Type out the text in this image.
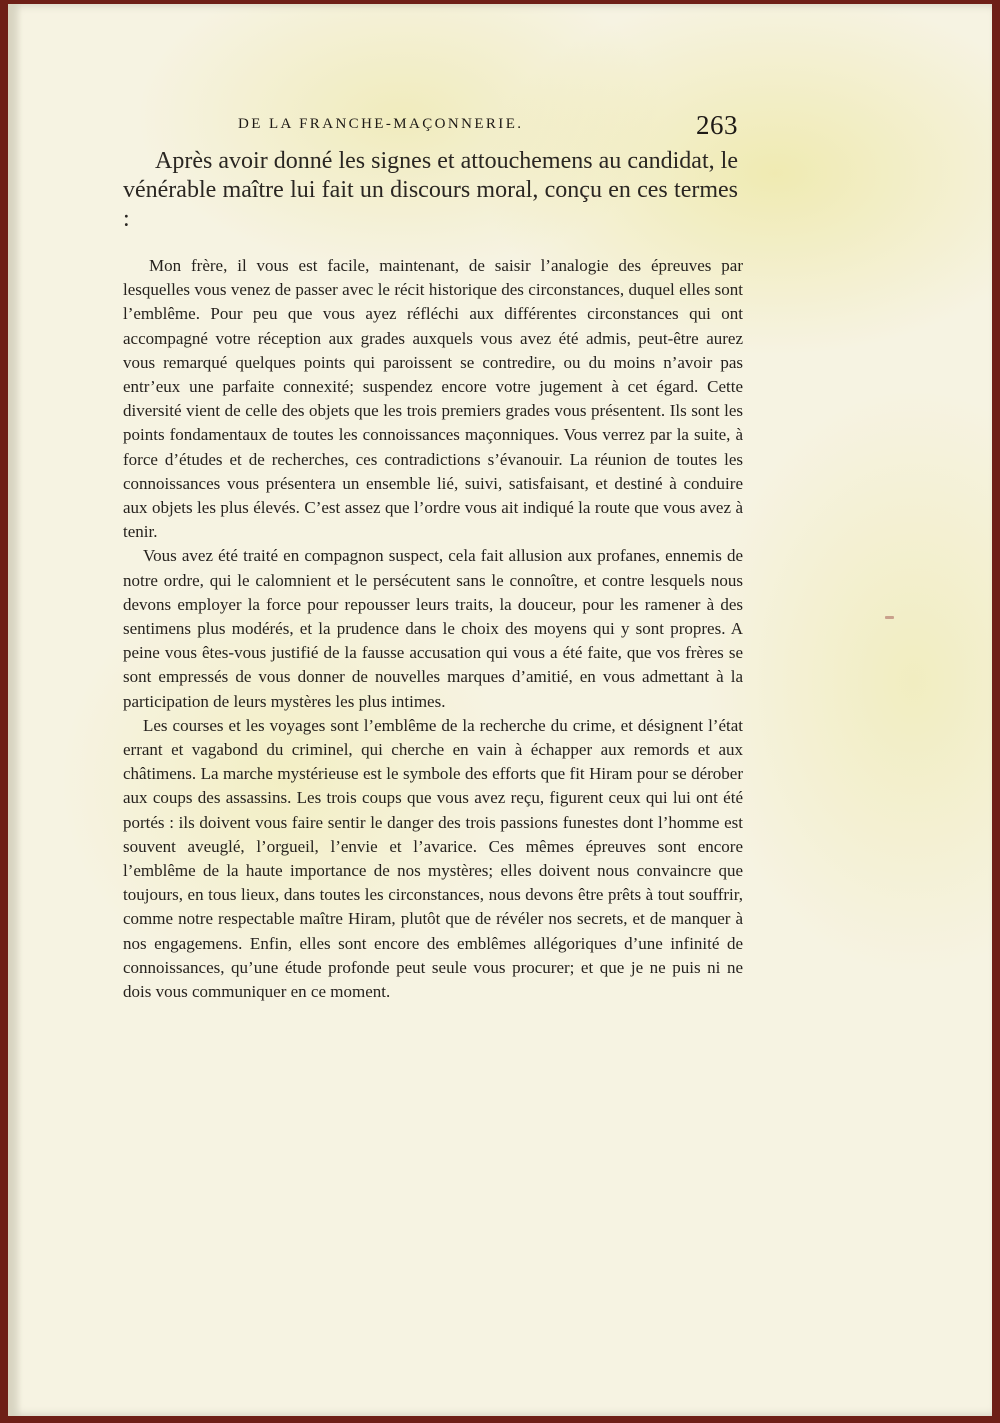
DE LA FRANCHE-MAÇONNERIE.	263

Après avoir donné les signes et attouchemens au candidat, le vénérable maître lui fait un discours moral, conçu en ces termes :

Mon frère, il vous est facile, maintenant, de saisir l’analogie des épreuves par lesquelles vous venez de passer avec le récit historique des circonstances, duquel elles sont l’emblême. Pour peu que vous ayez réfléchi aux différentes circonstances qui ont accompagné votre réception aux grades auxquels vous avez été admis, peut-être aurez vous remarqué quelques points qui paroissent se contredire, ou du moins n’avoir pas entr’eux une parfaite connexité; suspendez encore votre jugement à cet égard. Cette diversité vient de celle des objets que les trois premiers grades vous présentent. Ils sont les points fondamentaux de toutes les connoissances maçonniques. Vous verrez par la suite, à force d’études et de recherches, ces contradictions s’évanouir. La réunion de toutes les connoissances vous présentera un ensemble lié, suivi, satisfaisant, et destiné à conduire aux objets les plus élevés. C’est assez que l’ordre vous ait indiqué la route que vous avez à tenir.

Vous avez été traité en compagnon suspect, cela fait allusion aux profanes, ennemis de notre ordre, qui le calomnient et le persécutent sans le connoître, et contre lesquels nous devons employer la force pour repousser leurs traits, la douceur, pour les ramener à des sentimens plus modérés, et la prudence dans le choix des moyens qui y sont propres. A peine vous êtes-vous justifié de la fausse accusation qui vous a été faite, que vos frères se sont empressés de vous donner de nouvelles marques d’amitié, en vous admettant à la participation de leurs mystères les plus intimes.

Les courses et les voyages sont l’emblême de la recherche du crime, et désignent l’état errant et vagabond du criminel, qui cherche en vain à échapper aux remords et aux châtimens. La marche mystérieuse est le symbole des efforts que fit Hiram pour se dérober aux coups des assassins. Les trois coups que vous avez reçu, figurent ceux qui lui ont été portés : ils doivent vous faire sentir le danger des trois passions funestes dont l’homme est souvent aveuglé, l’orgueil, l’envie et l’avarice. Ces mêmes épreuves sont encore l’emblême de la haute importance de nos mystères; elles doivent nous convaincre que toujours, en tous lieux, dans toutes les circonstances, nous devons être prêts à tout souffrir, comme notre respectable maître Hiram, plutôt que de révéler nos secrets, et de manquer à nos engagemens. Enfin, elles sont encore des emblêmes allégoriques d’une infinité de connoissances, qu’une étude profonde peut seule vous procurer; et que je ne puis ni ne dois vous communiquer en ce moment.
